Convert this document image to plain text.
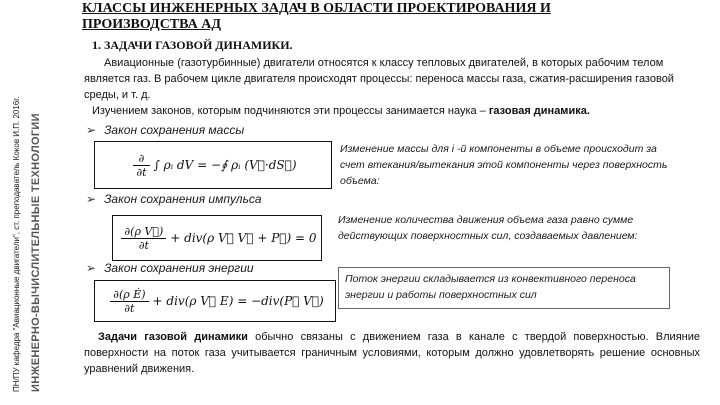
ПН/ПУ кафедра "Авиационные двигатели", ст. преподаватель Коков И.П. 2016г. ИНЖЕНЕРНО-ВЫЧИСЛИТЕЛЬНЫЕ ТЕХНОЛОГИИ
КЛАССЫ ИНЖЕНЕРНЫХ ЗАДАЧ В ОБЛАСТИ ПРОЕКТИРОВАНИЯ И ПРОИЗВОДСТВА АД
1. ЗАДАЧИ ГАЗОВОЙ ДИНАМИКИ.
Авиационные (газотурбинные) двигатели относятся к классу тепловых двигателей, в которых рабочим телом является газ. В рабочем цикле двигателя происходят процессы: переноса массы газа, сжатия-расширения газовой среды, и т. д.
Изучением законов, которым подчиняются эти процессы занимается наука – газовая динамика.
➢ Закон сохранения массы
$\frac{\partial}{\partial t}$ ∫ ρᵢ dV = −∮ ρᵢ (V⃗·dS⃗)
Изменение массы для i -й компоненты в объеме происходит за счет втекания/вытекания этой компоненты через поверхность объема:
➢ Закон сохранения импульса
$\frac{\text{∂(ρ V⃗)}}{\partial t} + div(\rho$ V⃗ V⃗ + P⃗) = 0
Изменение количества движения объема газа равно сумме действующих поверхностных сил, создаваемых давлением:
➢ Закон сохранения энергии
$\frac{\text{∂(ρ Ė)}}{\partial t} + div(\rho$ V⃗ E) = −div(P⃗ V⃗)
Поток энергии складывается из конвективного переноса энергии и работы поверхностных сил
Задачи газовой динамики обычно связаны с движением газа в канале с твердой поверхностью. Влияние поверхности на поток газа учитывается граничным условиями, которым должно удовлетворять решение основных уравнений движения.
